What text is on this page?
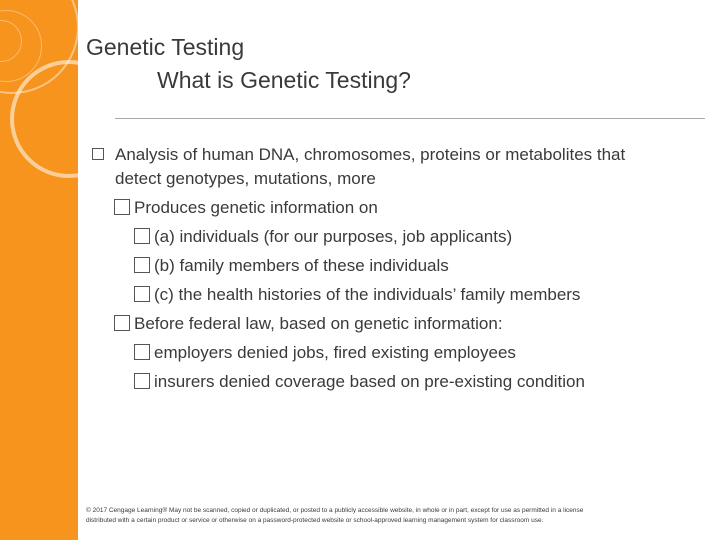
Genetic Testing
What is Genetic Testing?
Analysis of human DNA, chromosomes, proteins or metabolites that
detect genotypes, mutations, more
Produces genetic information on
(a) individuals (for our purposes, job applicants)
(b) family members of these individuals
(c) the health histories of the individuals’ family members
Before federal law, based on genetic information:
employers denied jobs, fired existing employees
insurers denied coverage based on pre-existing condition
© 2017 Cengage Learning® May not be scanned, copied or duplicated, or posted to a publicly accessible website, in whole or in part, except for use as permitted in a license
distributed with a certain product or service or otherwise on a password-protected website or school-approved learning management system for classroom use.
